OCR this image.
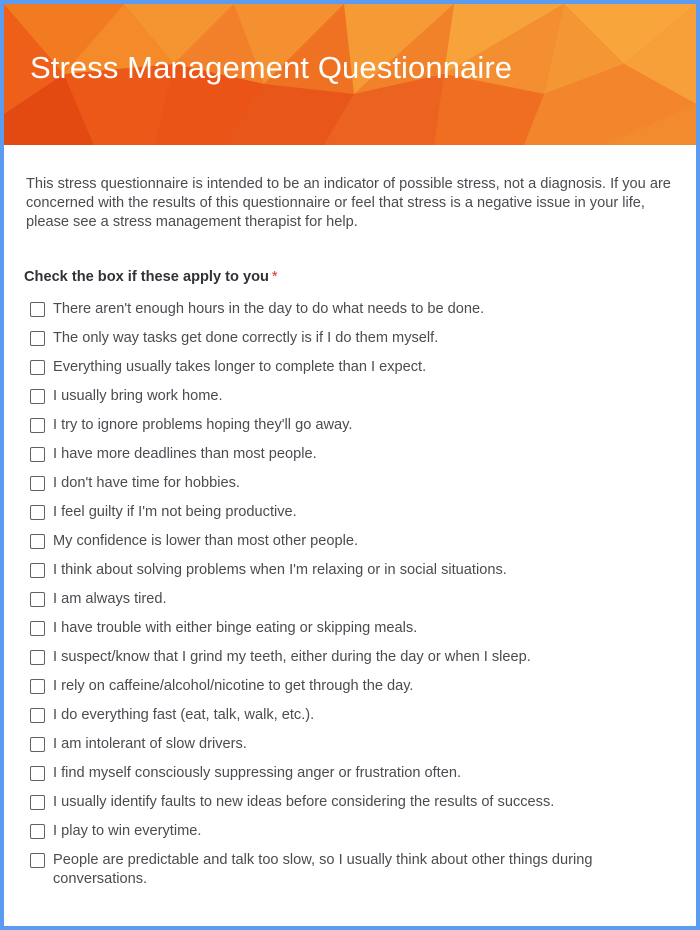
Stress Management Questionnaire
This stress questionnaire is intended to be an indicator of possible stress, not a diagnosis. If you are concerned with the results of this questionnaire or feel that stress is a negative issue in your life, please see a stress management therapist for help.
Check the box if these apply to you *
There aren't enough hours in the day to do what needs to be done.
The only way tasks get done correctly is if I do them myself.
Everything usually takes longer to complete than I expect.
I usually bring work home.
I try to ignore problems hoping they'll go away.
I have more deadlines than most people.
I don't have time for hobbies.
I feel guilty if I'm not being productive.
My confidence is lower than most other people.
I think about solving problems when I'm relaxing or in social situations.
I am always tired.
I have trouble with either binge eating or skipping meals.
I suspect/know that I grind my teeth, either during the day or when I sleep.
I rely on caffeine/alcohol/nicotine to get through the day.
I do everything fast (eat, talk, walk, etc.).
I am intolerant of slow drivers.
I find myself consciously suppressing anger or frustration often.
I usually identify faults to new ideas before considering the results of success.
I play to win everytime.
People are predictable and talk too slow, so I usually think about other things during conversations.
